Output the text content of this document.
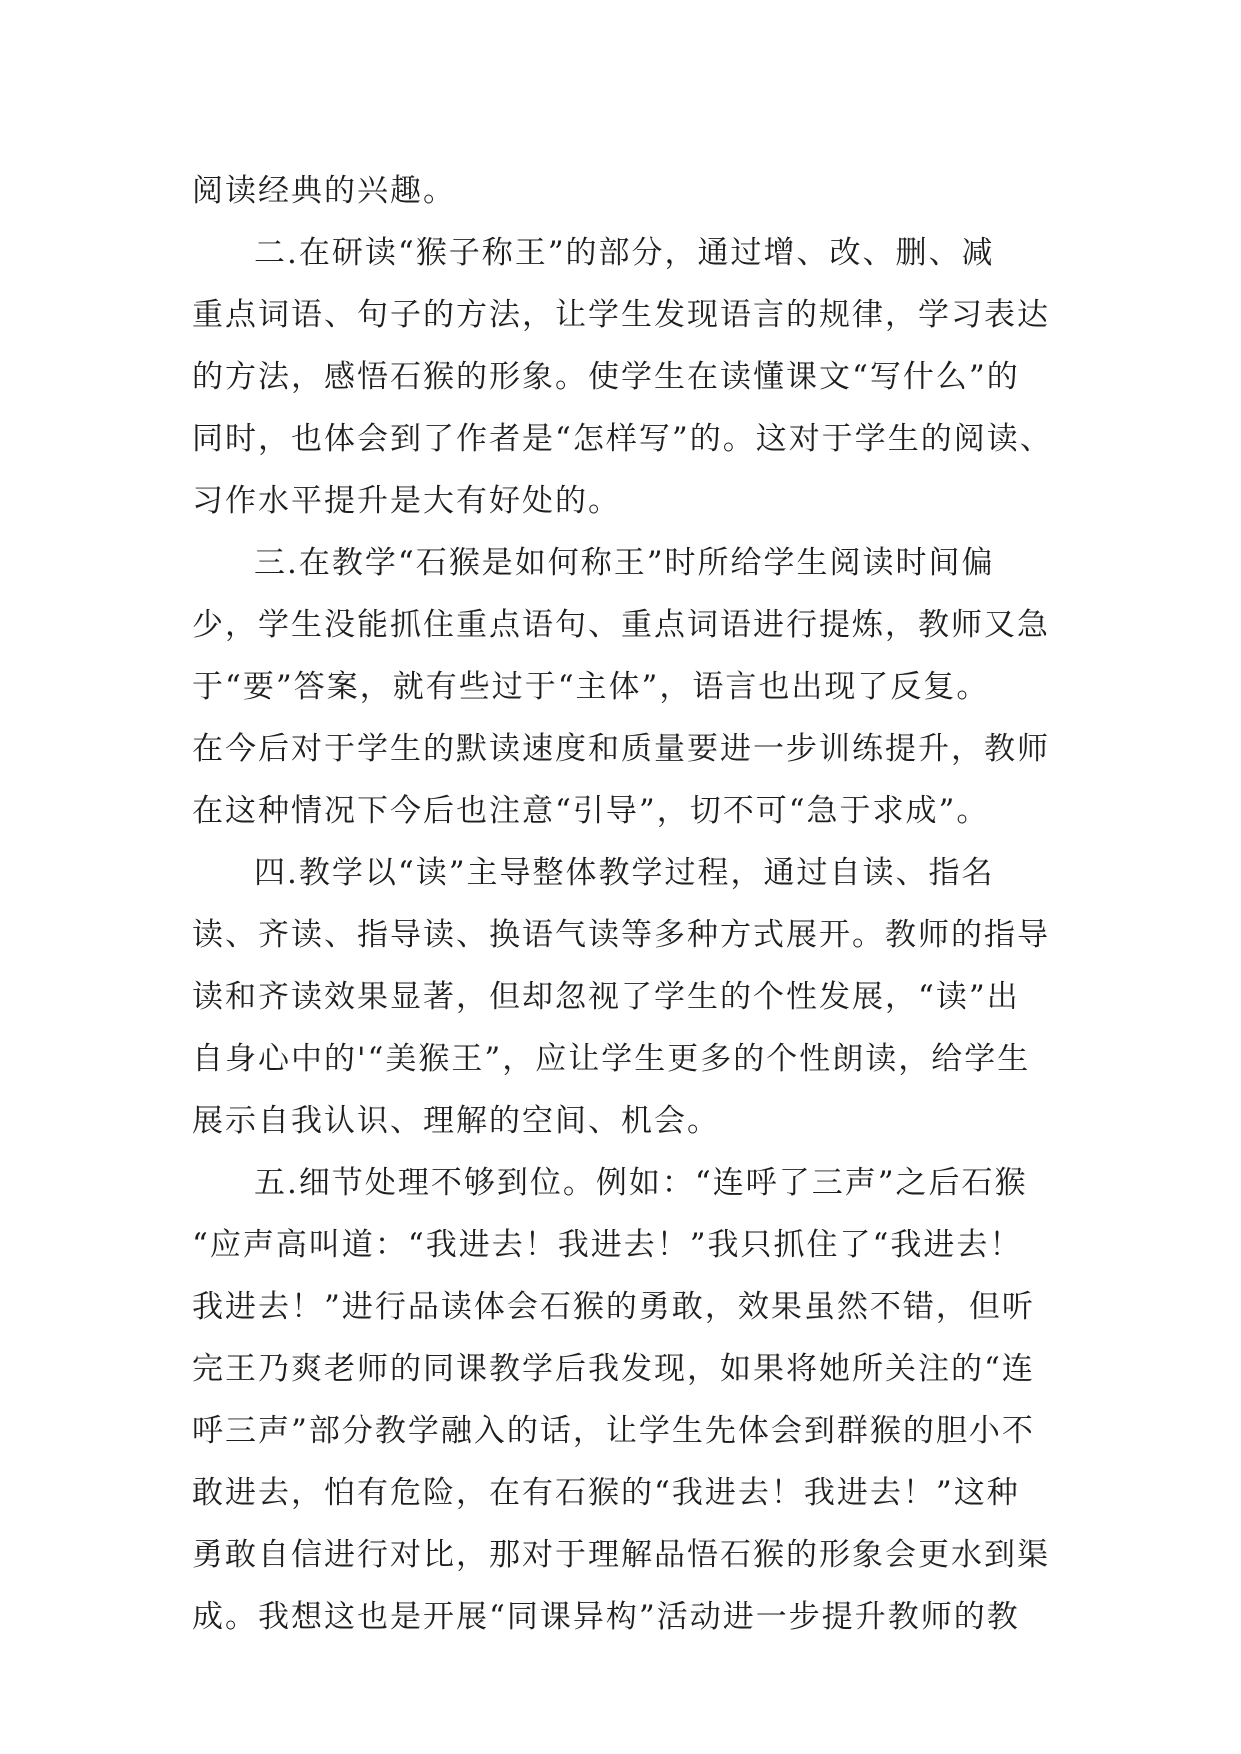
阅读经典的兴趣。
二.在研读“猴子称王”的部分，通过增、改、删、减
重点词语、句子的方法，让学生发现语言的规律，学习表达
的方法，感悟石猴的形象。使学生在读懂课文“写什么”的
同时，也体会到了作者是“怎样写”的。这对于学生的阅读、
习作水平提升是大有好处的。
三.在教学“石猴是如何称王”时所给学生阅读时间偏
少，学生没能抓住重点语句、重点词语进行提炼，教师又急
于“要”答案，就有些过于“主体”，语言也出现了反复。
在今后对于学生的默读速度和质量要进一步训练提升，教师
在这种情况下今后也注意“引导”，切不可“急于求成”。
四.教学以“读”主导整体教学过程，通过自读、指名
读、齐读、指导读、换语气读等多种方式展开。教师的指导
读和齐读效果显著，但却忽视了学生的个性发展，“读”出
自身心中的'“美猴王”，应让学生更多的个性朗读，给学生
展示自我认识、理解的空间、机会。
五.细节处理不够到位。例如：“连呼了三声”之后石猴
“应声高叫道：“我进去！我进去！”我只抓住了“我进去！
我进去！”进行品读体会石猴的勇敢，效果虽然不错，但听
完王乃爽老师的同课教学后我发现，如果将她所关注的“连
呼三声”部分教学融入的话，让学生先体会到群猴的胆小不
敢进去，怕有危险，在有石猴的“我进去！我进去！”这种
勇敢自信进行对比，那对于理解品悟石猴的形象会更水到渠
成。我想这也是开展“同课异构”活动进一步提升教师的教
